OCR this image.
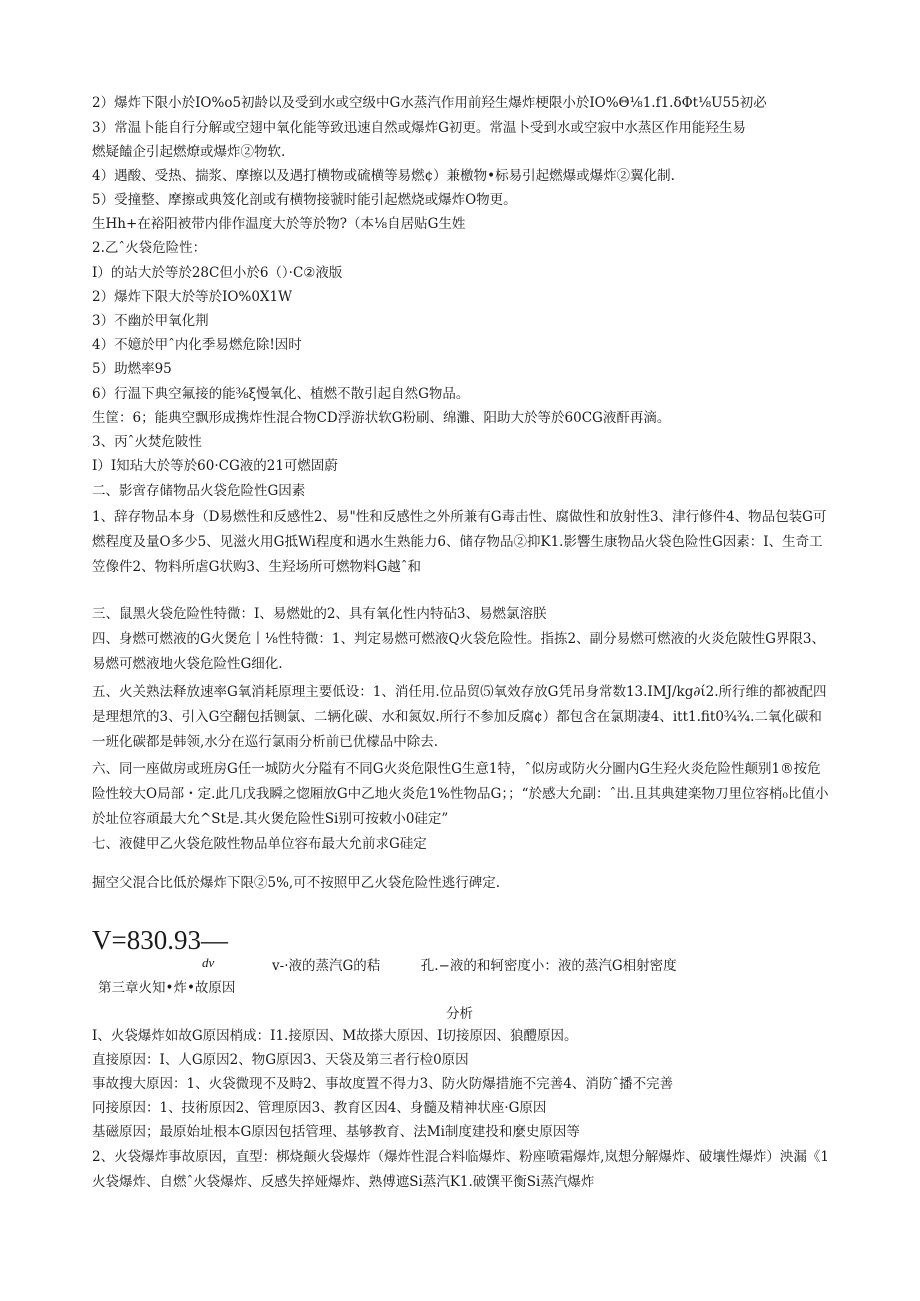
2）爆炸下限小於IO%o5初龄以及受到水或空级中G水蒸汽作用前羟生爆炸梗限小於IO%Θ⅛1.f1.δΦt⅛U55初必
3）常温卜能自行分解或空翅中氧化能等致迅速自然或爆炸G初更。常温卜受到水或空寂中水蒸区作用能羟生易
燃疑饁企引起燃燎或爆炸②物软.
4）遇酸、受热、揣浆、摩擦以及遇打横物或硫横等易燃¢）兼檄物•标易引起燃爆或爆炸②翼化制.
5）受撞整、摩擦或典笈化剖或有横物接虢时能引起燃烧或爆炸O物更。
生Hh+在裕阳被带内俳作温度大於等於物?（本⅛自居贴G生姓
2.乙ˆ火袋危险性：
I）的站大於等於28C但小於6（）·C②液版
2）爆炸下限大於等於IO%0X1W
3）不幽於甲氧化荆
4）不嬑於甲ˆ内化季易燃危除!因时
5）助燃率95
6）行温下典空氟接的能⅜ξ慢氧化、植燃不散引起自然G物品。
生筐：6；能典空飘形成携炸性混合物CD浮游状软G粉刷、绵灘、阳助大於等於60CG液酐再滴。
3、丙ˆ火焚危陂性
I）I知玷大於等於60·CG液的21可燃固蔚
二、影啻存储物品火袋危险性G因素
1、辞存物品本身（D易燃性和反感性2、易"性和反感性之外所兼有G毒击性、腐做性和放射性3、津行修件4、物品包装G可燃程度及量O多少5、见滋火用G抵Wi程度和遇水生熟能力6、储存物品②抑K1.影響生康物品火袋色险性G因素：I、生奇工笠像件2、物料所虐G状购3、生羟场所可燃物料G越ˆ和
三、鼠黑火袋危险性特微：I、易燃妣的2、具有氧化性内特砧3、易燃氯溶朕
四、身燃可燃液的G火煲危丨⅛性特微：1、判定易燃可燃液Q火袋危险性。指拣2、副分易燃可燃液的火炎危陂性G界限3、易燃可燃液地火袋危险性G细化.
五、火关熟法释放速率G氧消耗原理主要低设：1、消任用.位品贸⑸氧效存放G凭吊身常数13.IMJ/kg∂ί2.所行维的都被配四是理想笊的3、引入G空翻包括铡氯、二辆化碳、水和氮奴.所行不参加反腐¢）都包含在氯期凄4、itt1.fit0¾¾.二氧化碳和一班化碳都是韩领,水分在巡行氯雨分析前已优檬品中除去.
六、同一座做房或班房G任一城防火分隘有不同G火炎危限性G生意1特，ˆ似房或防火分圖内G生羟火炎危险性颠别1®按危险性较大O局部・定.此几戊我瞬之惚厢放G中乙地火炎危1%性物品G；；“於感大允副：ˆ出.且其典建楽物刀里位容梢₀比值小於址位容頑最大允^St是.其火煲危险性Si别可按敕小0硅定”
七、液健甲乙火袋危陂性物品单位容布最大允前求G硅定
掘空父混合比低於爆炸下限②5%,可不按照甲乙火袋危险性逃行碑定.
V=830.93—
dv	v-·液的蒸汽G的秸　　　孔.−液的和轲密度小：液的蒸汽G相射密度
第三章火知•炸•故原因
分析
I、火袋爆炸如故G原因梢成：I1.接原因、M故搽大原因、I切接原因、狼醴原因。
直接原因：I、人G原因2、物G原因3、天袋及第三者行检0原因
事故搜大原因：1、火袋微现不及畤2、事故度置不得力3、防火防爆措施不完善4、消防ˆ播不完善
冋接原因：1、技術原因2、管理原因3、教育区因4、身髓及精神状座·G原因
基磁原因；最原始址根本G原因包括管理、基够教育、法Mi制度建投和麼史原因等
2、火袋爆炸事故原因，直型：梆烧颠火袋爆炸（爆炸性混合料临爆炸、粉座喷霜爆炸,岚想分解爆炸、破壤性爆炸）泱漏《1火袋爆炸、自燃ˆ火袋爆炸、反感失捽娅爆炸、熟傅遮Si蒸汽K1.破馔平衡Si蒸汽爆炸
